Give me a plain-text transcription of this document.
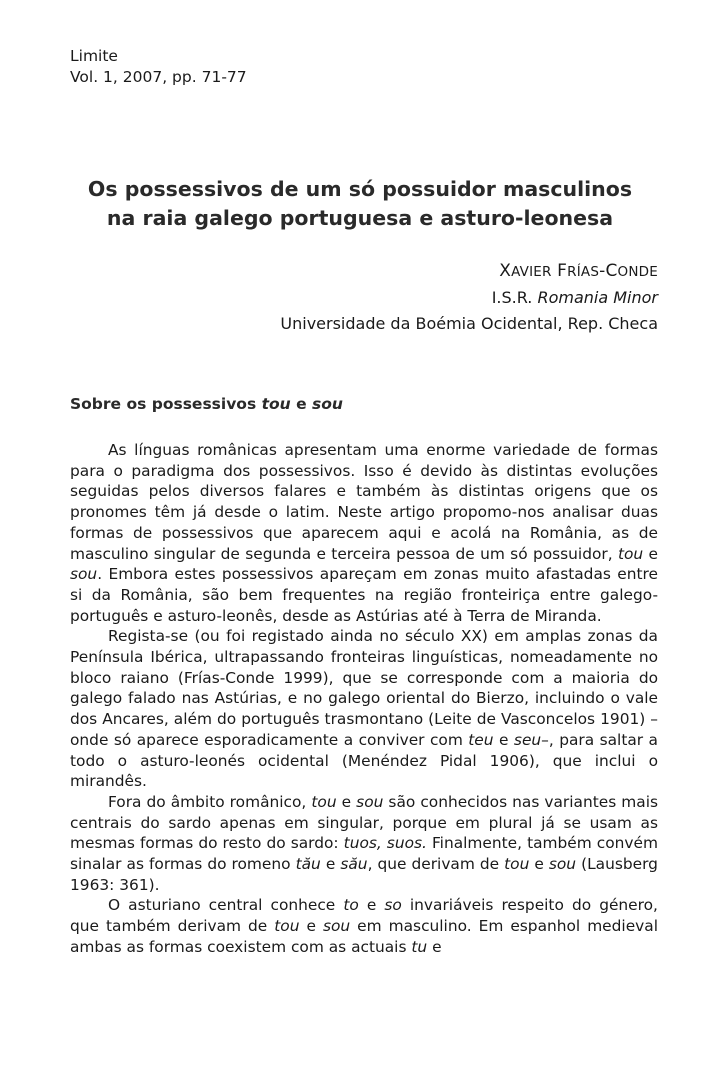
Limite
Vol. 1, 2007, pp. 71-77
Os possessivos de um só possuidor masculinos
na raia galego portuguesa e asturo-leonesa
XAVIER FRÍAS-CONDE
I.S.R. Romania Minor
Universidade da Boémia Ocidental, Rep. Checa
Sobre os possessivos tou e sou

As línguas românicas apresentam uma enorme variedade de formas para o paradigma dos possessivos. Isso é devido às distintas evoluções seguidas pelos diversos falares e também às distintas origens que os pronomes têm já desde o latim. Neste artigo propomo-nos analisar duas formas de possessivos que aparecem aqui e acolá na România, as de masculino singular de segunda e terceira pessoa de um só possuidor, tou e sou. Embora estes possessivos apareçam em zonas muito afastadas entre si da România, são bem frequentes na região fronteiriça entre galego-português e asturo-leonês, desde as Astúrias até à Terra de Miranda.

Regista-se (ou foi registado ainda no século XX) em amplas zonas da Península Ibérica, ultrapassando fronteiras linguísticas, nomeadamente no bloco raiano (Frías-Conde 1999), que se corresponde com a maioria do galego falado nas Astúrias, e no galego oriental do Bierzo, incluindo o vale dos Ancares, além do português trasmontano (Leite de Vasconcelos 1901) –onde só aparece esporadicamente a conviver com teu e seu–, para saltar a todo o asturo-leonés ocidental (Menéndez Pidal 1906), que inclui o mirandês.

Fora do âmbito românico, tou e sou são conhecidos nas variantes mais centrais do sardo apenas em singular, porque em plural já se usam as mesmas formas do resto do sardo: tuos, suos. Finalmente, também convém sinalar as formas do romeno tău e său, que derivam de tou e sou (Lausberg 1963: 361).

O asturiano central conhece to e so invariáveis respeito do género, que também derivam de tou e sou em masculino. Em espanhol medieval ambas as formas coexistem com as actuais tu e
